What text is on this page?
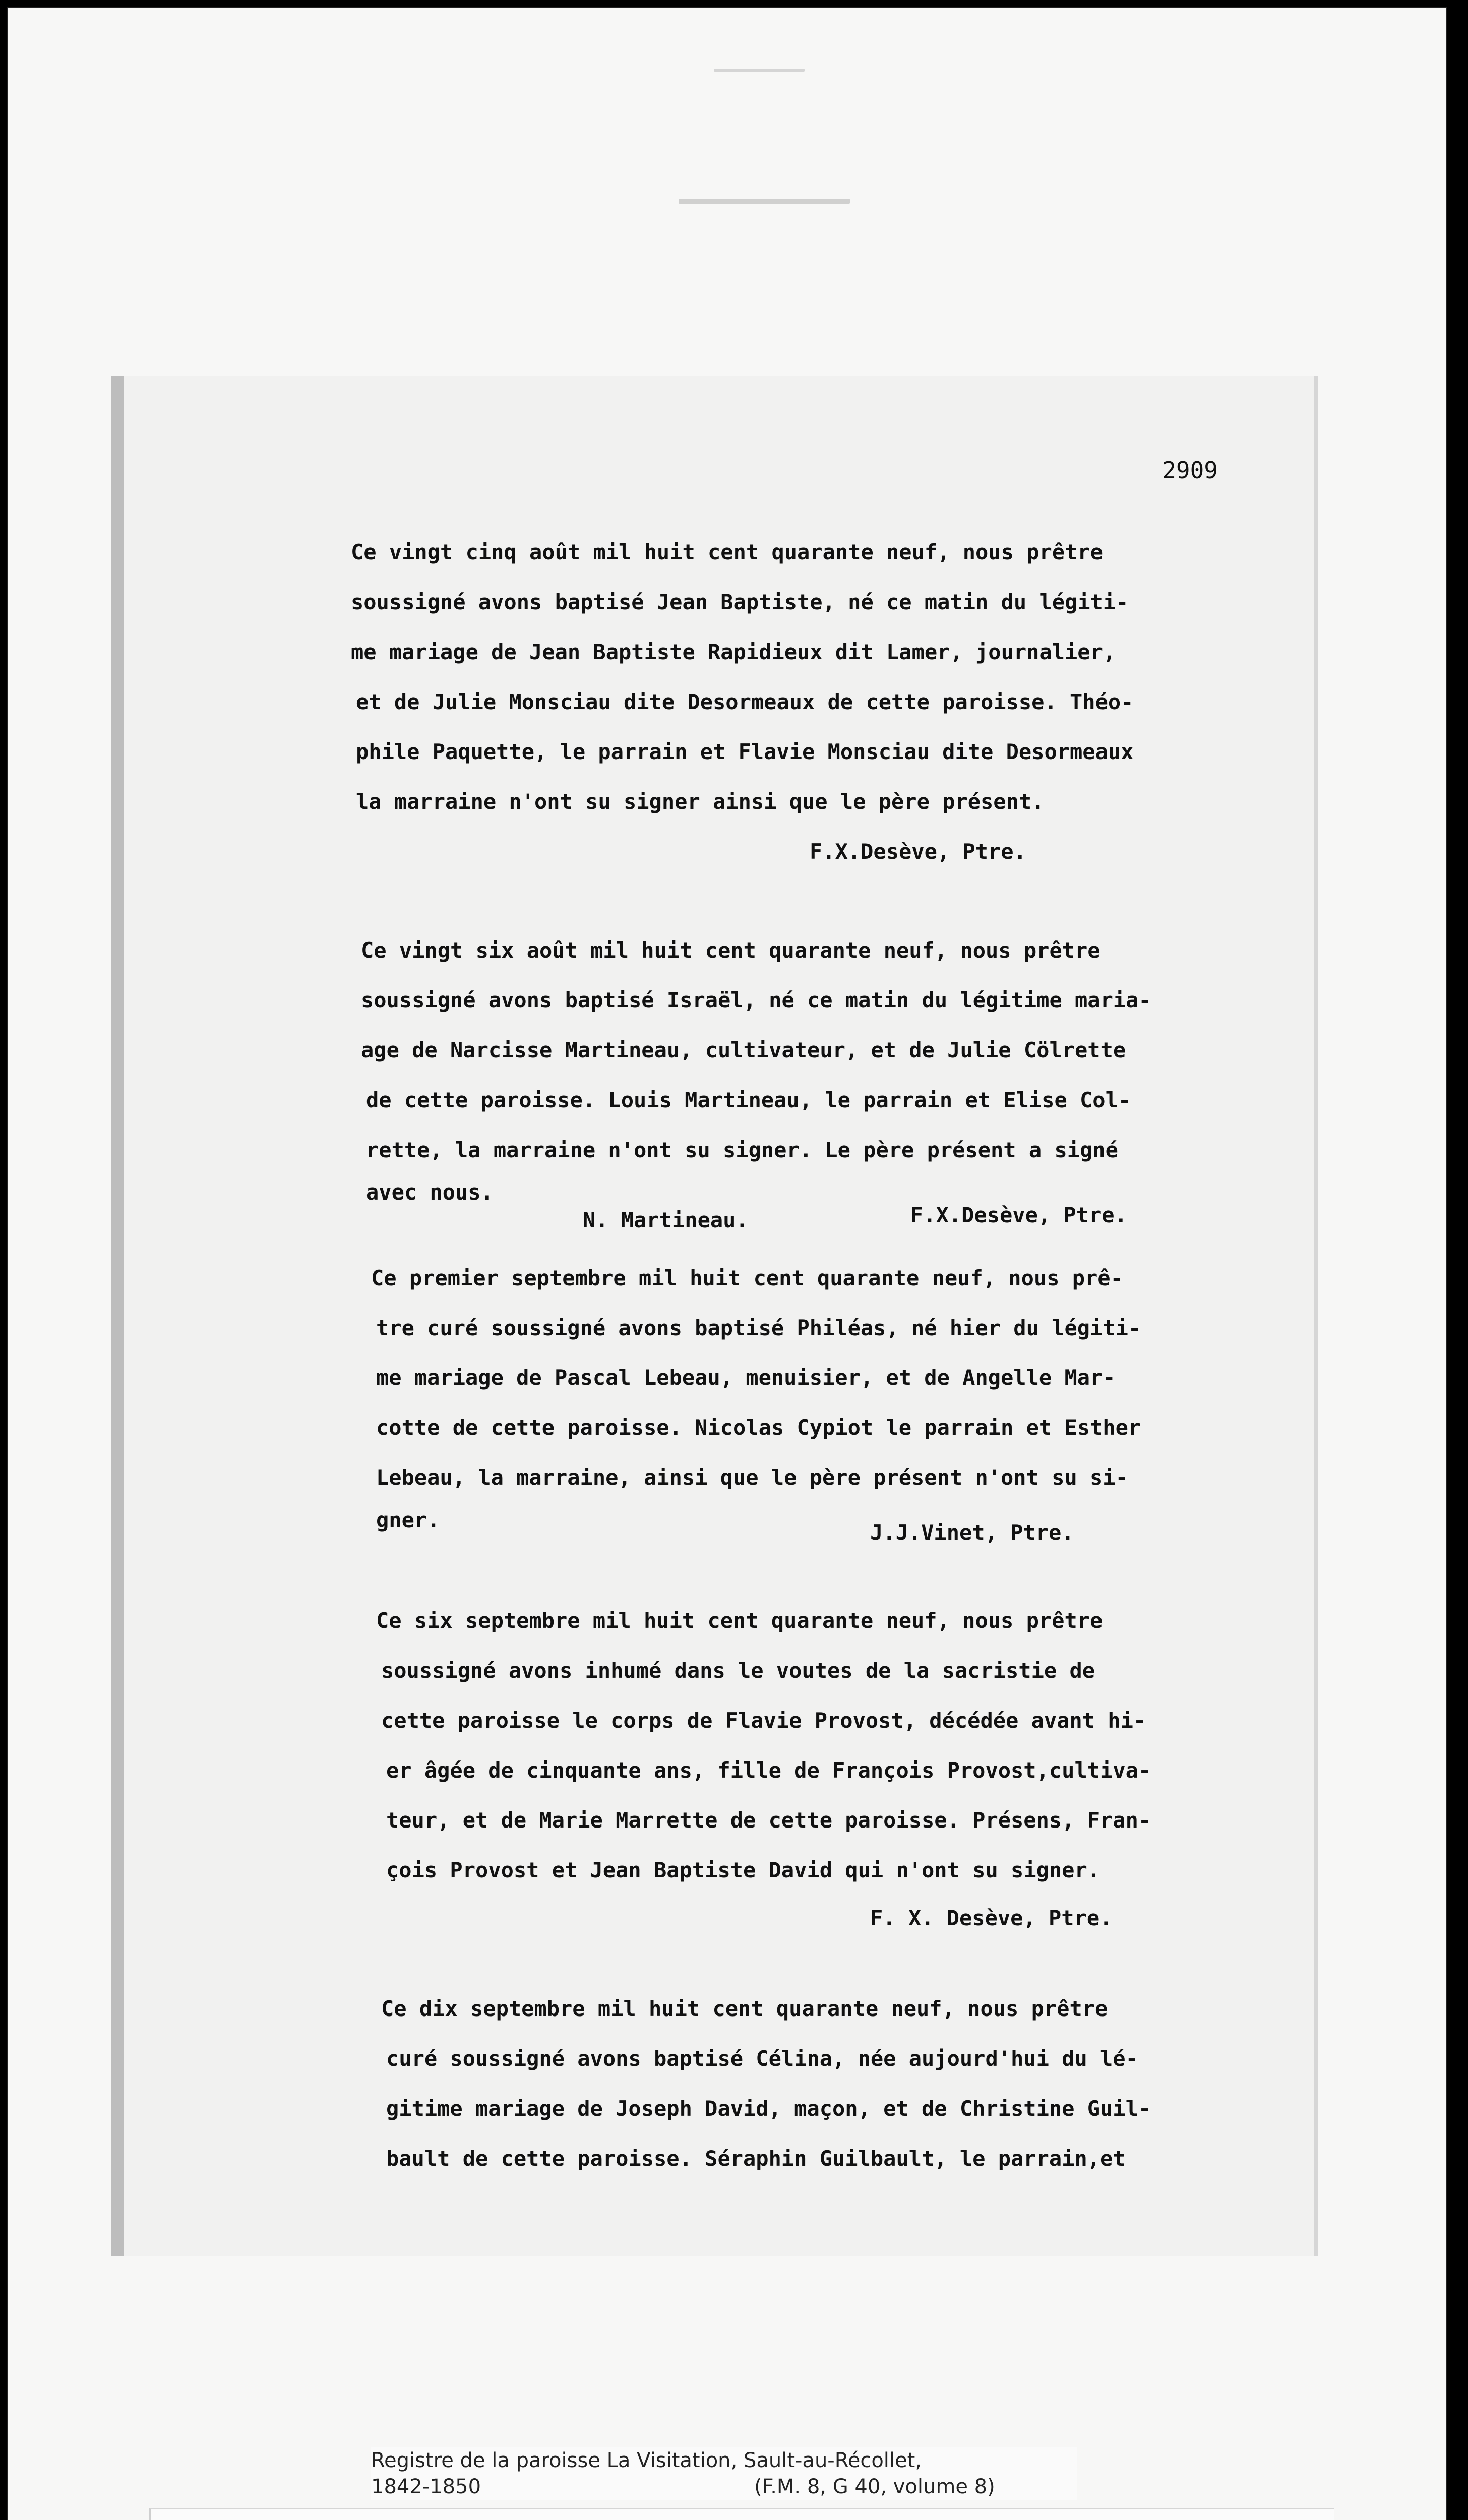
2909

Ce vingt cinq août mil huit cent quarante neuf, nous prêtre

soussigné avons baptisé Jean Baptiste, né ce matin du légiti-

me mariage de Jean Baptiste Rapidieux dit Lamer, journalier,

et de Julie Monsciau dite Desormeaux de cette paroisse. Théo-

phile Paquette, le parrain et Flavie Monsciau dite Desormeaux

la marraine n'ont su signer ainsi que le père présent.

F.X.Desève, Ptre.

Ce vingt six août mil huit cent quarante neuf, nous prêtre

soussigné avons baptisé Israël, né ce matin du légitime maria-

age de Narcisse Martineau, cultivateur, et de Julie Cölrette

de cette paroisse. Louis Martineau, le parrain et Elise Col-

rette, la marraine n'ont su signer. Le père présent a signé

avec nous.

N. Martineau.	F.X.Desève, Ptre.

Ce premier septembre mil huit cent quarante neuf, nous prê-

tre curé soussigné avons baptisé Philéas, né hier du légiti-

me mariage de Pascal Lebeau, menuisier, et de Angelle Mar-

cotte de cette paroisse. Nicolas Cypiot le parrain et Esther

Lebeau, la marraine, ainsi que le père présent n'ont su si-

gner.

J.J.Vinet, Ptre.

Ce six septembre mil huit cent quarante neuf, nous prêtre

soussigné avons inhumé dans le voutes de la sacristie de

cette paroisse le corps de Flavie Provost, décédée avant hi-

er âgée de cinquante ans, fille de François Provost,cultiva-

teur, et de Marie Marrette de cette paroisse. Présens, Fran-

çois Provost et Jean Baptiste David qui n'ont su signer.

F. X. Desève, Ptre.

Ce dix septembre mil huit cent quarante neuf, nous prêtre

curé soussigné avons baptisé Célina, née aujourd'hui du lé-

gitime mariage de Joseph David, maçon, et de Christine Guil-

bault de cette paroisse. Séraphin Guilbault, le parrain,et

Registre de la paroisse La Visitation, Sault-au-Récollet,
1842-1850	(F.M. 8, G 40, volume 8)
